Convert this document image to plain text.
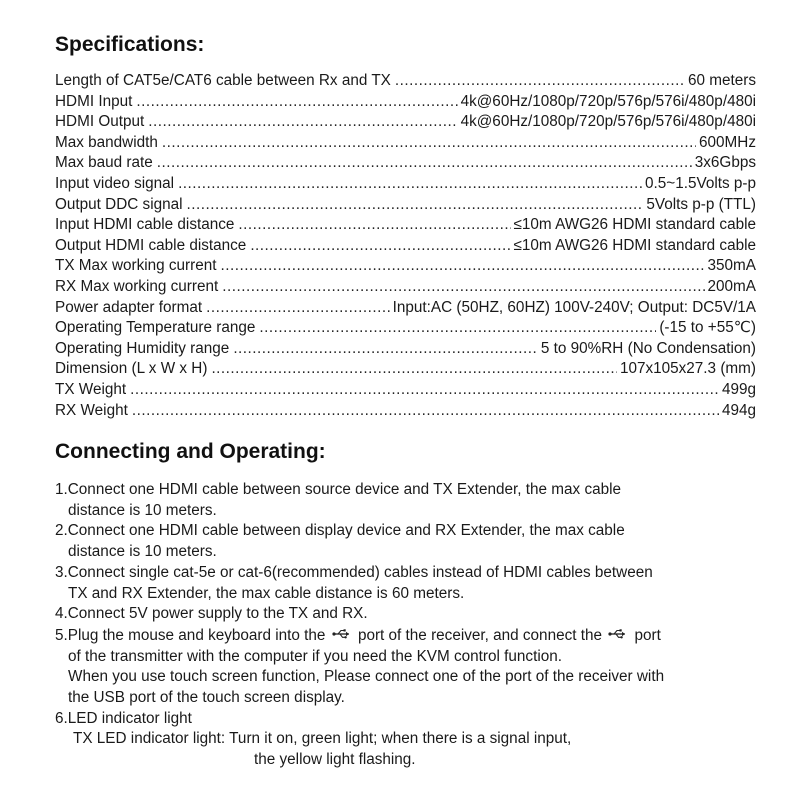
Specifications:
Length of CAT5e/CAT6 cable between Rx and TX .....	60 meters
HDMI Input .....	4k@60Hz/1080p/720p/576p/576i/480p/480i
HDMI Output .....	4k@60Hz/1080p/720p/576p/576i/480p/480i
Max bandwidth .....	600MHz
Max baud rate .....	3x6Gbps
Input video signal .....	0.5~1.5Volts p-p
Output DDC signal .....	5Volts p-p (TTL)
Input HDMI cable distance .....	≤10m AWG26 HDMI standard cable
Output HDMI cable distance .....	≤10m AWG26 HDMI standard cable
TX Max working current .....	350mA
RX Max working current .....	200mA
Power adapter format .....	Input:AC (50HZ, 60HZ) 100V-240V; Output: DC5V/1A
Operating Temperature range .....	(-15 to +55℃)
Operating Humidity range .....	5 to 90%RH (No Condensation)
Dimension (L x W x H) .....	107x105x27.3 (mm)
TX Weight .....	499g
RX Weight .....	494g
Connecting and Operating:
1.Connect one HDMI cable between source device and TX Extender, the max cable
distance is 10 meters.
2.Connect one HDMI cable between display device and RX Extender, the max cable
distance is 10 meters.
3.Connect single cat-5e or cat-6(recommended) cables instead of HDMI cables between
TX and RX Extender, the max cable distance is 60 meters.
4.Connect 5V power supply to the TX and RX.
5.Plug the mouse and keyboard into the port of the receiver, and connect the port
of the transmitter with the computer if you need the KVM control function.
When you use touch screen function, Please connect one of the port of the receiver with
the USB port of the touch screen display.
6.LED indicator light
TX LED indicator light: Turn it on, green light; when there is a signal input,
the yellow light flashing.
